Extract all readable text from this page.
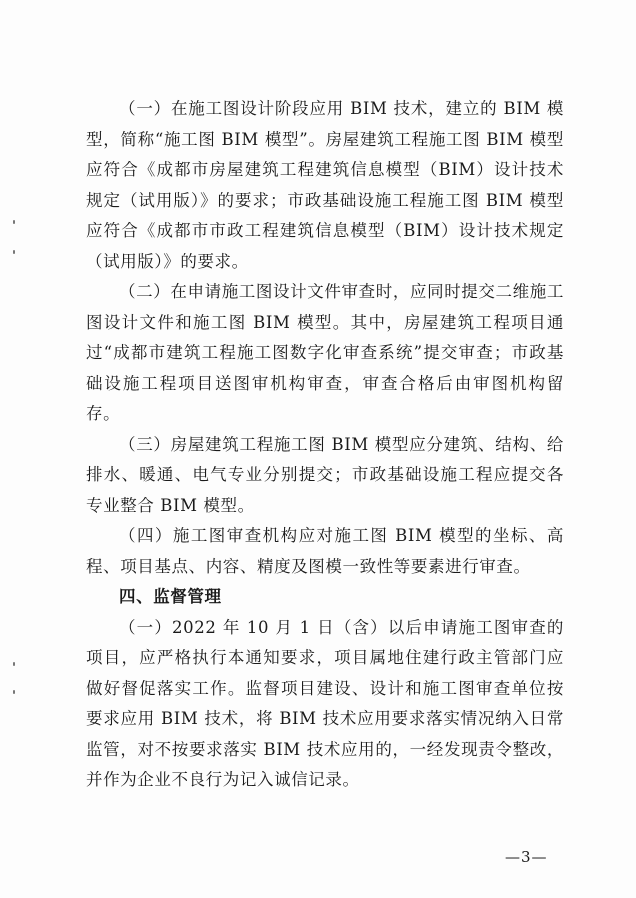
（一）在施工图设计阶段应用 BIM 技术，建立的 BIM 模型，简称“施工图 BIM 模型”。房屋建筑工程施工图 BIM 模型应符合《成都市房屋建筑工程建筑信息模型（BIM）设计技术规定（试用版）》的要求；市政基础设施工程施工图 BIM 模型应符合《成都市市政工程建筑信息模型（BIM）设计技术规定（试用版）》的要求。

（二）在申请施工图设计文件审查时，应同时提交二维施工图设计文件和施工图 BIM 模型。其中，房屋建筑工程项目通过“成都市建筑工程施工图数字化审查系统”提交审查；市政基础设施工程项目送图审机构审查，审查合格后由审图机构留存。

（三）房屋建筑工程施工图 BIM 模型应分建筑、结构、给排水、暖通、电气专业分别提交；市政基础设施工程应提交各专业整合 BIM 模型。

（四）施工图审查机构应对施工图 BIM 模型的坐标、高程、项目基点、内容、精度及图模一致性等要素进行审查。

四、监督管理

（一）2022 年 10 月 1 日（含）以后申请施工图审查的项目，应严格执行本通知要求，项目属地住建行政主管部门应做好督促落实工作。监督项目建设、设计和施工图审查单位按要求应用 BIM 技术，将 BIM 技术应用要求落实情况纳入日常监管，对不按要求落实 BIM 技术应用的，一经发现责令整改，并作为企业不良行为记入诚信记录。

—3—
